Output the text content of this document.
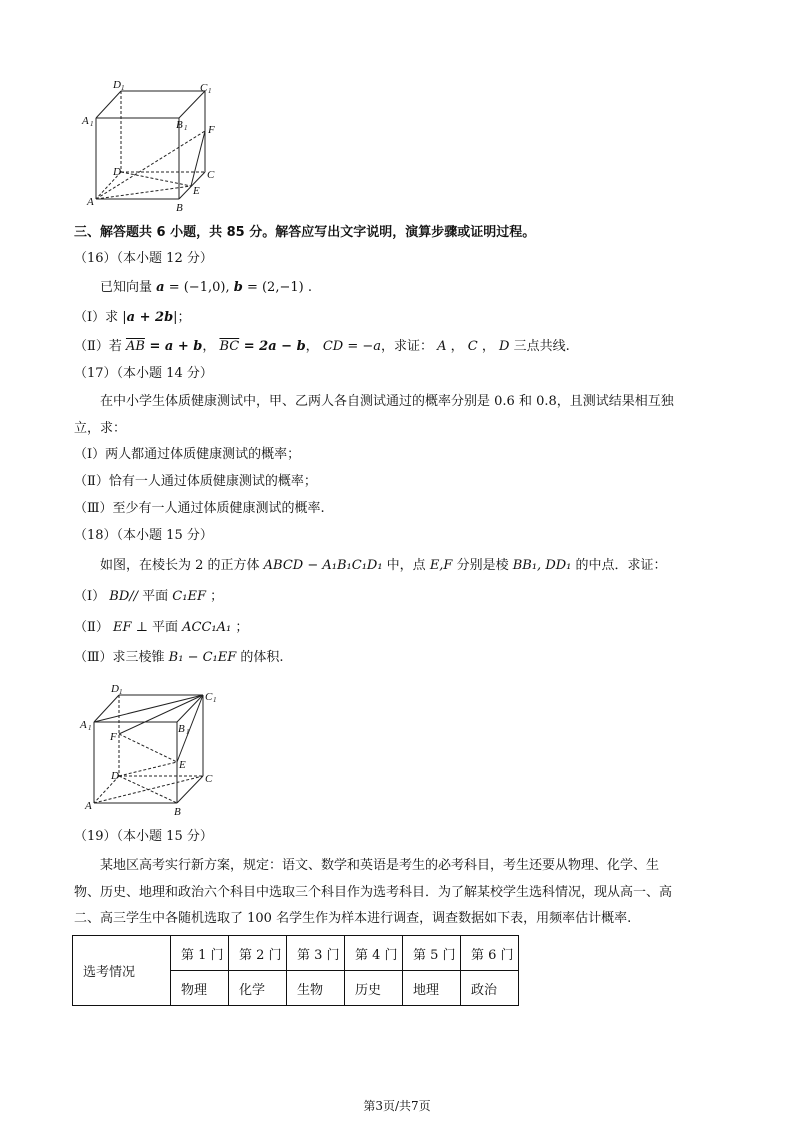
D 1	C 1
A 1	B 1 F
D	C
E
A	B
三、解答题共 6 小题，共 85 分。解答应写出文字说明，演算步骤或证明过程。
（16）（本小题 12 分）
已知向量 a = (−1,0), b = (2,−1) .
（Ⅰ）求 |a + 2b|；
（Ⅱ）若 $\overline{AB} = a + b$， $\overline{BC} = 2a - b$， CD = −a，求证： A ， C ， D 三点共线.
（17）（本小题 14 分）
在中小学生体质健康测试中，甲、乙两人各自测试通过的概率分别是 0.6 和 0.8，且测试结果相互独
立，求：
（Ⅰ）两人都通过体质健康测试的概率；
（Ⅱ）恰有一人通过体质健康测试的概率；
（Ⅲ）至少有一人通过体质健康测试的概率.
（18）（本小题 15 分）
如图，在棱长为 2 的正方体 ABCD − A₁B₁C₁D₁ 中，点 E,F 分别是棱 BB₁, DD₁ 的中点．求证：
（Ⅰ） BD// 平面 C₁EF ；
（Ⅱ） EF ⊥ 平面 ACC₁A₁ ；
（Ⅲ）求三棱锥 B₁ − C₁EF 的体积.
D 1	C 1
A 1	B 1
F
E
D	C
A	B
（19）（本小题 15 分）
某地区高考实行新方案，规定：语文、数学和英语是考生的必考科目，考生还要从物理、化学、生
物、历史、地理和政治六个科目中选取三个科目作为选考科目．为了解某校学生选科情况，现从高一、高
二、高三学生中各随机选取了 100 名学生作为样本进行调查，调查数据如下表，用频率估计概率.
选考情况	第 1 门	第 2 门	第 3 门	第 4 门	第 5 门	第 6 门
	物理	化学	生物	历史	地理	政治
第3页/共7页
